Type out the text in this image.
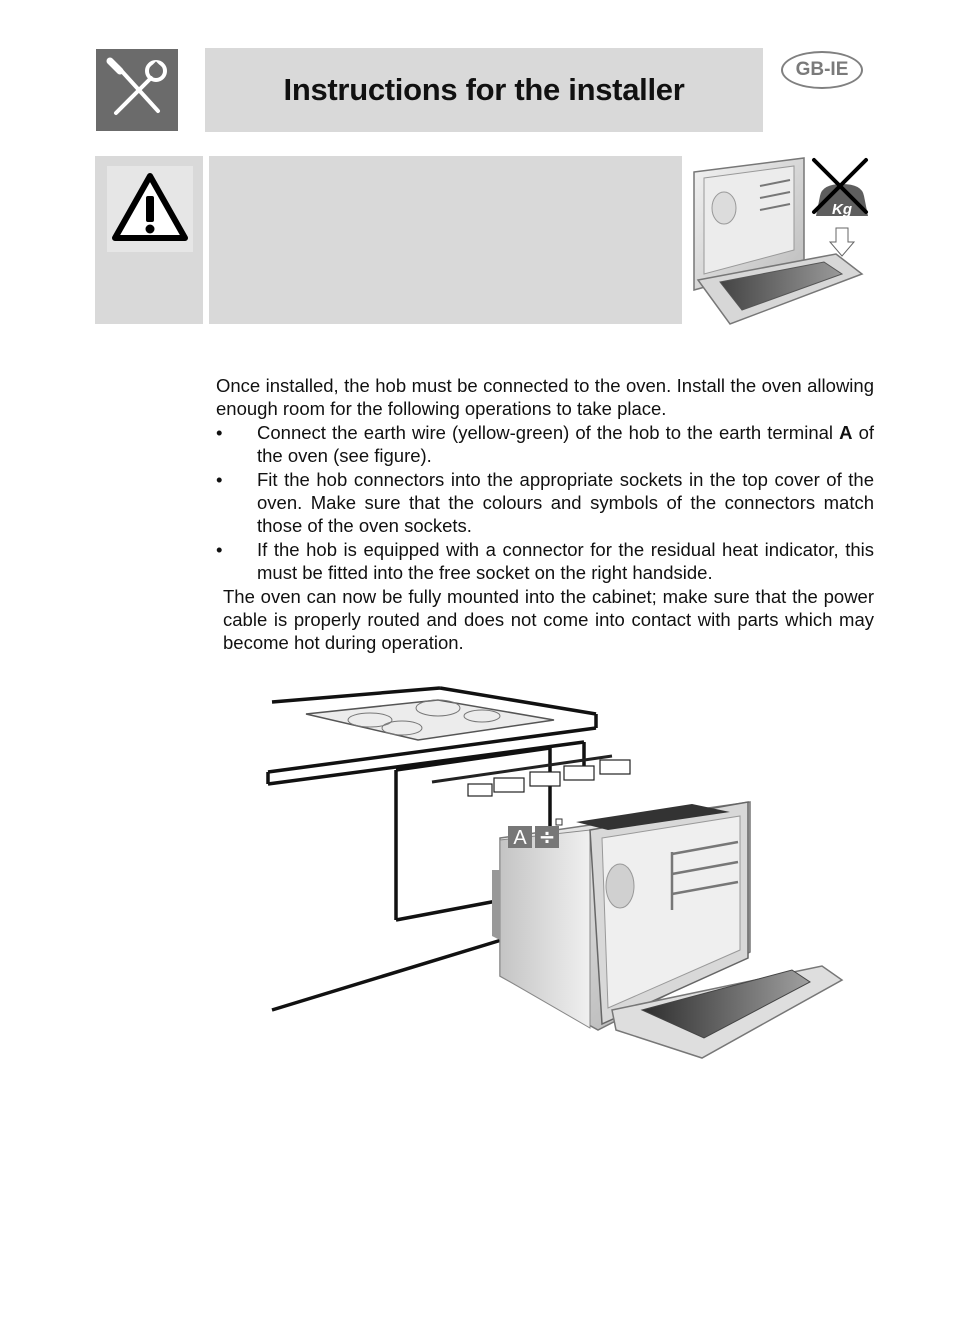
Instructions for the installer
GB-IE
Kg

Once installed, the hob must be connected to the oven. Install the oven allowing enough room for the following operations to take place.

• Connect the earth wire (yellow-green) of the hob to the earth terminal A of the oven (see figure).
• Fit the hob connectors into the appropriate sockets in the top cover of the oven. Make sure that the colours and symbols of the connectors match those of the oven sockets.
• If the hob is equipped with a connector for the residual heat indicator, this must be fitted into the free socket on the right handside.

The oven can now be fully mounted into the cabinet; make sure that the power cable is properly routed and does not come into contact with parts which may become hot during operation.

A ÷
